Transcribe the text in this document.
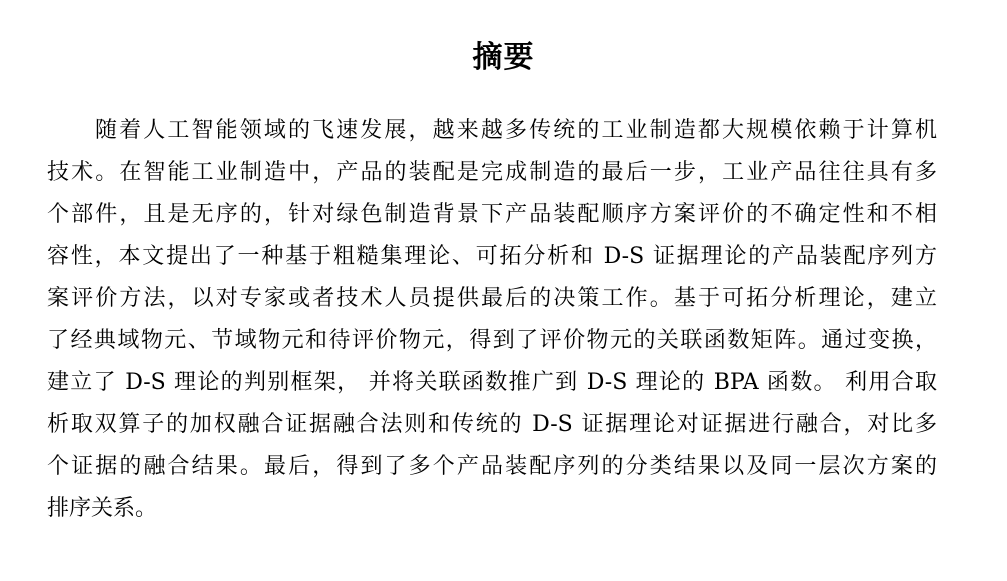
摘要
随着人工智能领域的飞速发展，越来越多传统的工业制造都大规模依赖于计算机
技术。在智能工业制造中，产品的装配是完成制造的最后一步，工业产品往往具有多
个部件，且是无序的，针对绿色制造背景下产品装配顺序方案评价的不确定性和不相
容性，本文提出了一种基于粗糙集理论、可拓分析和 D-S 证据理论的产品装配序列方
案评价方法，以对专家或者技术人员提供最后的决策工作。基于可拓分析理论，建立
了经典域物元、节域物元和待评价物元，得到了评价物元的关联函数矩阵。通过变换，
建立了 D-S 理论的判别框架， 并将关联函数推广到 D-S 理论的 BPA 函数。 利用合取
析取双算子的加权融合证据融合法则和传统的 D-S 证据理论对证据进行融合，对比多
个证据的融合结果。最后，得到了多个产品装配序列的分类结果以及同一层次方案的
排序关系。
